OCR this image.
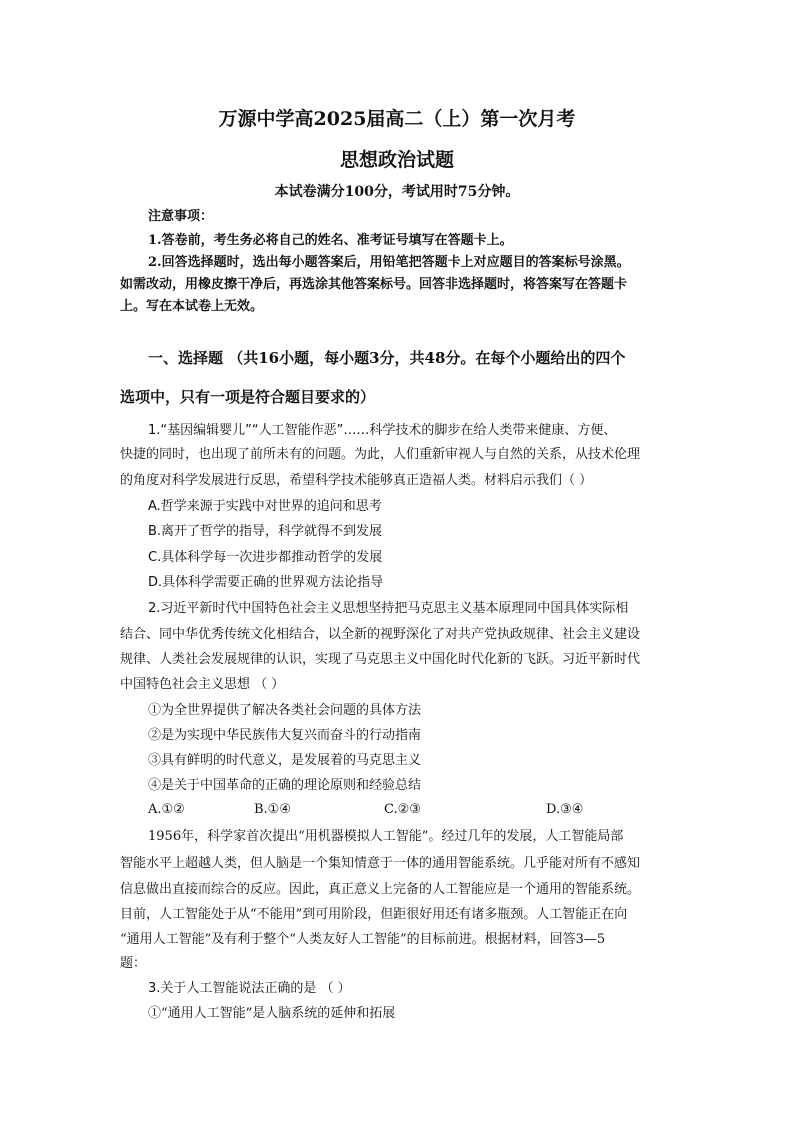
万源中学高2025届高二（上）第一次月考
思想政治试题
本试卷满分100分，考试用时75分钟。
注意事项：
1.答卷前，考生务必将自己的姓名、准考证号填写在答题卡上。
2.回答选择题时，选出每小题答案后，用铅笔把答题卡上对应题目的答案标号涂黑。
如需改动，用橡皮擦干净后，再选涂其他答案标号。回答非选择题时，将答案写在答题卡
上。写在本试卷上无效。
一、选择题 （共16小题，每小题3分，共48分。在每个小题给出的四个
选项中，只有一项是符合题目要求的）
1.“基因编辑婴儿”“人工智能作恶”……科学技术的脚步在给人类带来健康、方便、
快捷的同时，也出现了前所未有的问题。为此，人们重新审视人与自然的关系，从技术伦理
的角度对科学发展进行反思，希望科学技术能够真正造福人类。材料启示我们（ ）
A.哲学来源于实践中对世界的追问和思考
B.离开了哲学的指导，科学就得不到发展
C.具体科学每一次进步都推动哲学的发展
D.具体科学需要正确的世界观方法论指导
2.习近平新时代中国特色社会主义思想坚持把马克思主义基本原理同中国具体实际相
结合、同中华优秀传统文化相结合，以全新的视野深化了对共产党执政规律、社会主义建设
规律、人类社会发展规律的认识，实现了马克思主义中国化时代化新的飞跃。习近平新时代
中国特色社会主义思想 （ ）
①为全世界提供了解决各类社会问题的具体方法
②是为实现中华民族伟大复兴而奋斗的行动指南
③具有鲜明的时代意义，是发展着的马克思主义
④是关于中国革命的正确的理论原则和经验总结
A.①②	B.①④	C.②③	D.③④
1956年，科学家首次提出“用机器模拟人工智能”。经过几年的发展，人工智能局部
智能水平上超越人类，但人脑是一个集知情意于一体的通用智能系统。几乎能对所有不感知
信息做出直接而综合的反应。因此，真正意义上完备的人工智能应是一个通用的智能系统。
目前，人工智能处于从“不能用”到可用阶段，但距很好用还有诸多瓶颈。人工智能正在向
“通用人工智能”及有利于整个“人类友好人工智能”的目标前进。根据材料，回答3—5
题：
3.关于人工智能说法正确的是 （ ）
①“通用人工智能”是人脑系统的延伸和拓展
